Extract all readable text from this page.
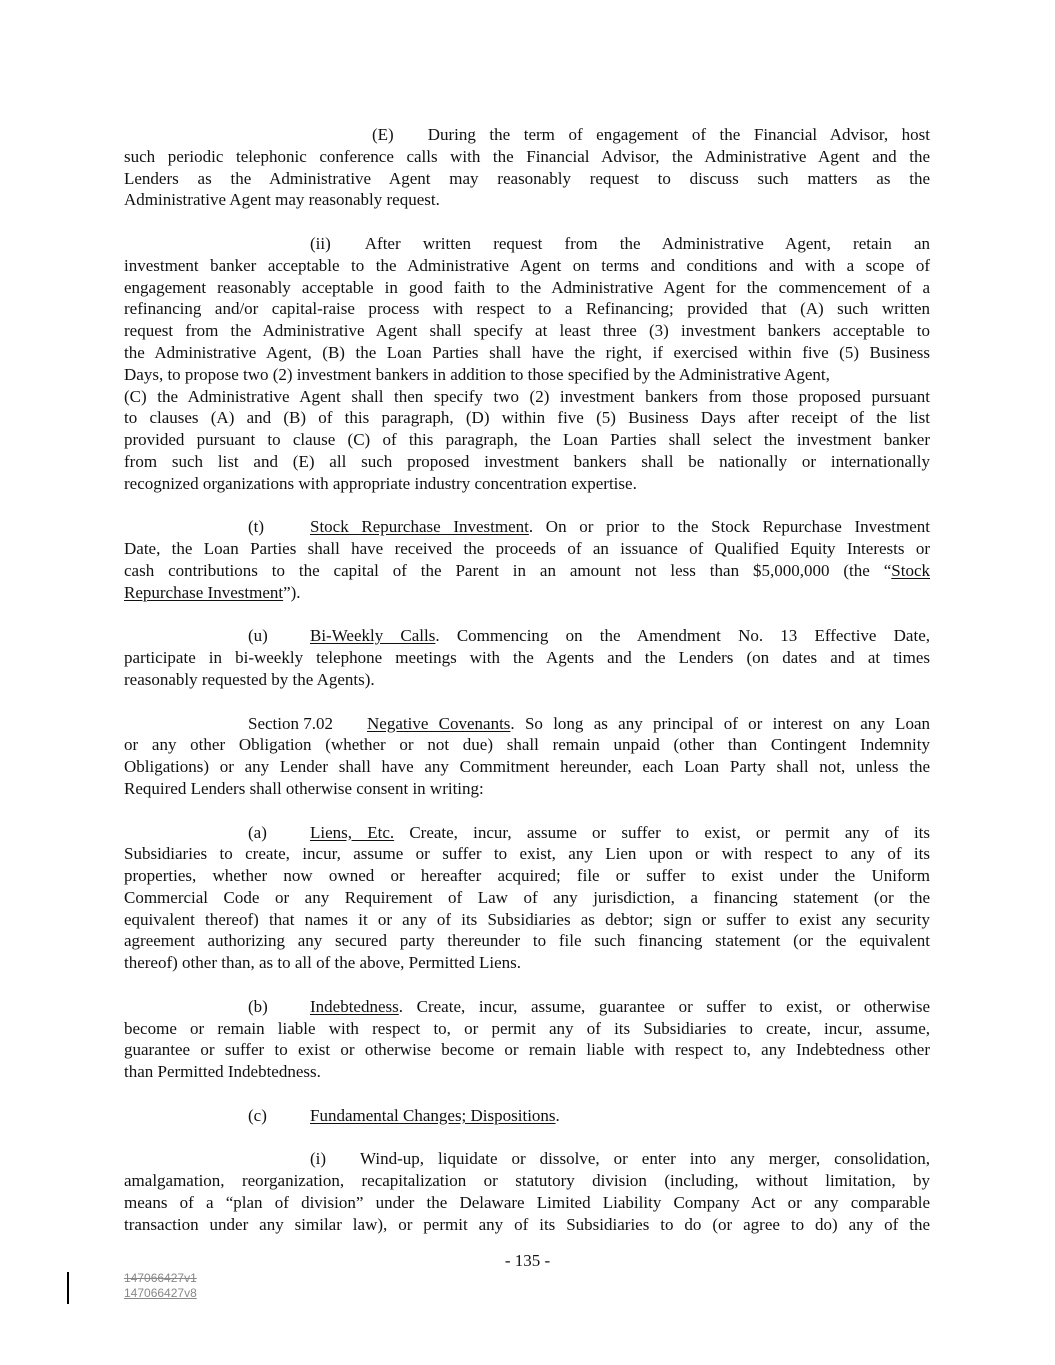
(E)  During the term of engagement of the Financial Advisor, host
such periodic telephonic conference calls with the Financial Advisor, the Administrative Agent and the
Lenders as the Administrative Agent may reasonably request to discuss such matters as the
Administrative Agent may reasonably request.
(ii)  After written request from the Administrative Agent, retain an
investment banker acceptable to the Administrative Agent on terms and conditions and with a scope of
engagement reasonably acceptable in good faith to the Administrative Agent for the commencement of a
refinancing and/or capital-raise process with respect to a Refinancing; provided that (A) such written
request from the Administrative Agent shall specify at least three (3) investment bankers acceptable to
the Administrative Agent, (B) the Loan Parties shall have the right, if exercised within five (5) Business
Days, to propose two (2) investment bankers in addition to those specified by the Administrative Agent,
(C) the Administrative Agent shall then specify two (2) investment bankers from those proposed pursuant
to clauses (A) and (B) of this paragraph, (D) within five (5) Business Days after receipt of the list
provided pursuant to clause (C) of this paragraph, the Loan Parties shall select the investment banker
from such list and (E) all such proposed investment bankers shall be nationally or internationally
recognized organizations with appropriate industry concentration expertise.
(t)	Stock Repurchase Investment. On or prior to the Stock Repurchase Investment
Date, the Loan Parties shall have received the proceeds of an issuance of Qualified Equity Interests or
cash contributions to the capital of the Parent in an amount not less than $5,000,000 (the “Stock
Repurchase Investment”).
(u)	Bi-Weekly Calls. Commencing on the Amendment No. 13 Effective Date,
participate in bi-weekly telephone meetings with the Agents and the Lenders (on dates and at times
reasonably requested by the Agents).
Section 7.02	Negative Covenants. So long as any principal of or interest on any Loan
or any other Obligation (whether or not due) shall remain unpaid (other than Contingent Indemnity
Obligations) or any Lender shall have any Commitment hereunder, each Loan Party shall not, unless the
Required Lenders shall otherwise consent in writing:
(a)	Liens, Etc. Create, incur, assume or suffer to exist, or permit any of its
Subsidiaries to create, incur, assume or suffer to exist, any Lien upon or with respect to any of its
properties, whether now owned or hereafter acquired; file or suffer to exist under the Uniform
Commercial Code or any Requirement of Law of any jurisdiction, a financing statement (or the
equivalent thereof) that names it or any of its Subsidiaries as debtor; sign or suffer to exist any security
agreement authorizing any secured party thereunder to file such financing statement (or the equivalent
thereof) other than, as to all of the above, Permitted Liens.
(b)	Indebtedness. Create, incur, assume, guarantee or suffer to exist, or otherwise
become or remain liable with respect to, or permit any of its Subsidiaries to create, incur, assume,
guarantee or suffer to exist or otherwise become or remain liable with respect to, any Indebtedness other
than Permitted Indebtedness.
(c)	Fundamental Changes; Dispositions.
(i)  Wind-up, liquidate or dissolve, or enter into any merger, consolidation,
amalgamation, reorganization, recapitalization or statutory division (including, without limitation, by
means of a “plan of division” under the Delaware Limited Liability Company Act or any comparable
transaction under any similar law), or permit any of its Subsidiaries to do (or agree to do) any of the
- 135 -
147066427v1
147066427v8
